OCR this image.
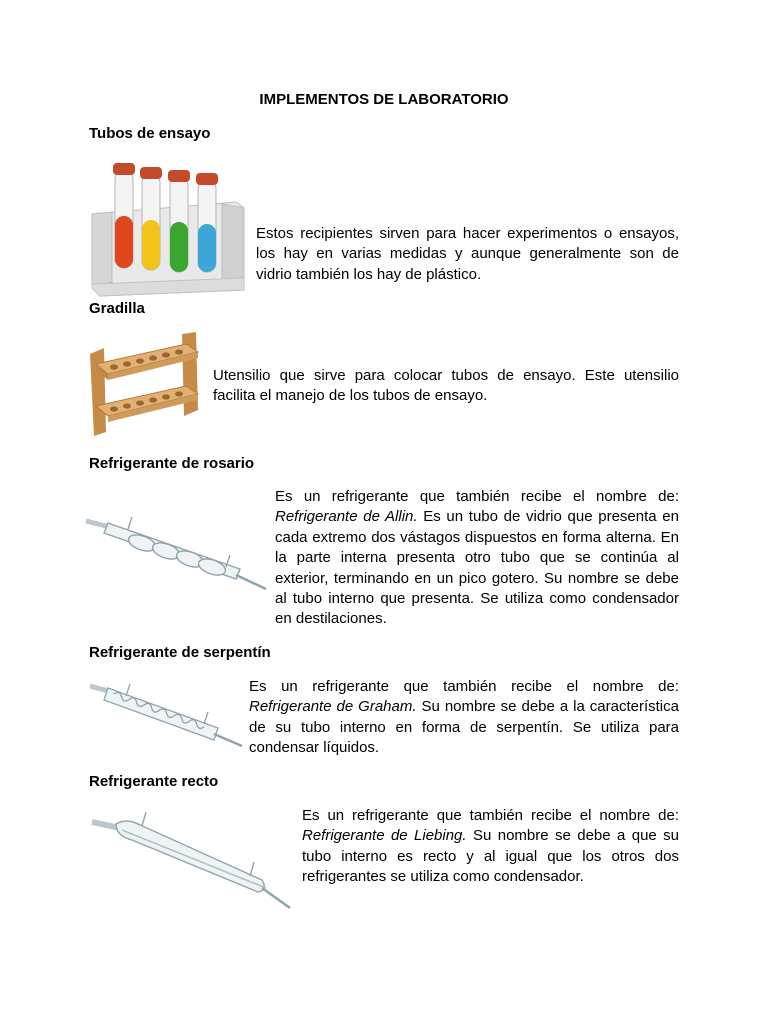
IMPLEMENTOS DE LABORATORIO
Tubos de ensayo
Estos recipientes sirven para hacer experimentos o ensayos, los hay en varias medidas y aunque generalmente son de vidrio también los hay de plástico.
Gradilla
Utensilio que sirve para colocar tubos de ensayo. Este utensilio facilita el manejo de los tubos de ensayo.
Refrigerante de rosario
Es un refrigerante que también recibe el nombre de: Refrigerante de Allin. Es un tubo de vidrio que presenta en cada extremo dos vástagos dispuestos en forma alterna. En la parte interna presenta otro tubo que se continúa al exterior, terminando en un pico gotero. Su nombre se debe al tubo interno que presenta. Se utiliza como condensador en destilaciones.
Refrigerante de serpentín
Es un refrigerante que también recibe el nombre de: Refrigerante de Graham. Su nombre se debe a la característica de su tubo interno en forma de serpentín. Se utiliza para condensar líquidos.
Refrigerante recto
Es un refrigerante que también recibe el nombre de: Refrigerante de Liebing. Su nombre se debe a que su tubo interno es recto y al igual que los otros dos refrigerantes se utiliza como condensador.
